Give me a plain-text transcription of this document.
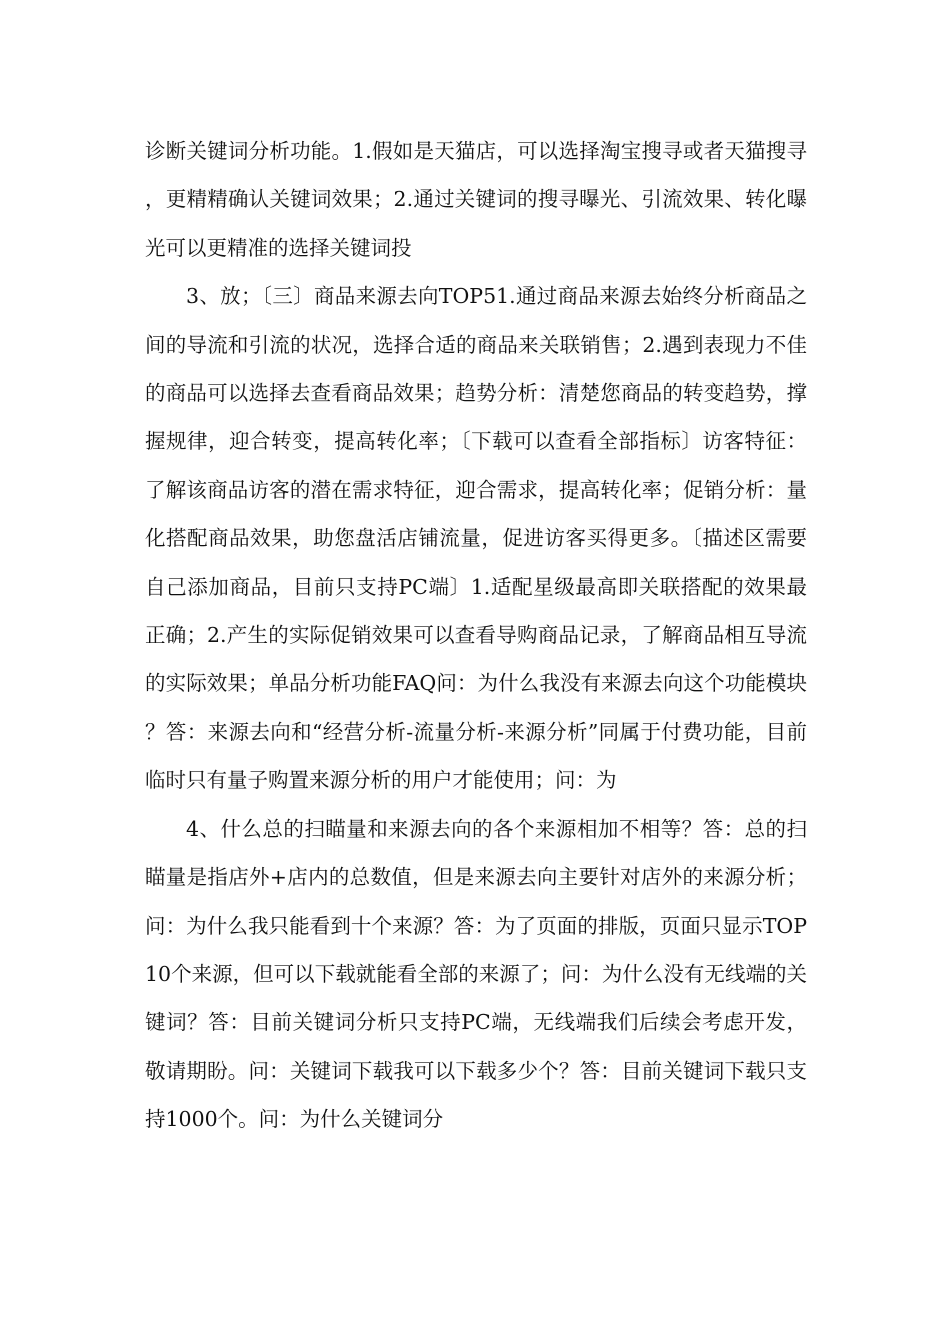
诊断关键词分析功能。1.假如是天猫店，可以选择淘宝搜寻或者天猫搜寻，更精精确认关键词效果；2.通过关键词的搜寻曝光、引流效果、转化曝光可以更精准的选择关键词投

3、放；〔三〕商品来源去向TOP51.通过商品来源去始终分析商品之间的导流和引流的状况，选择合适的商品来关联销售；2.遇到表现力不佳的商品可以选择去查看商品效果；趋势分析：清楚您商品的转变趋势，撑握规律，迎合转变，提高转化率；〔下载可以查看全部指标〕访客特征：了解该商品访客的潜在需求特征，迎合需求，提高转化率；促销分析：量化搭配商品效果，助您盘活店铺流量，促进访客买得更多。〔描述区需要自己添加商品，目前只支持PC端〕1.适配星级最高即关联搭配的效果最正确；2.产生的实际促销效果可以查看导购商品记录，了解商品相互导流的实际效果；单品分析功能FAQ问：为什么我没有来源去向这个功能模块？答：来源去向和“经营分析-流量分析-来源分析”同属于付费功能，目前临时只有量子购置来源分析的用户才能使用；问：为

4、什么总的扫瞄量和来源去向的各个来源相加不相等？答：总的扫瞄量是指店外+店内的总数值，但是来源去向主要针对店外的来源分析；问：为什么我只能看到十个来源？答：为了页面的排版，页面只显示TOP10个来源，但可以下载就能看全部的来源了；问：为什么没有无线端的关键词？答：目前关键词分析只支持PC端，无线端我们后续会考虑开发，敬请期盼。问：关键词下载我可以下载多少个？答：目前关键词下载只支持1000个。问：为什么关键词分
